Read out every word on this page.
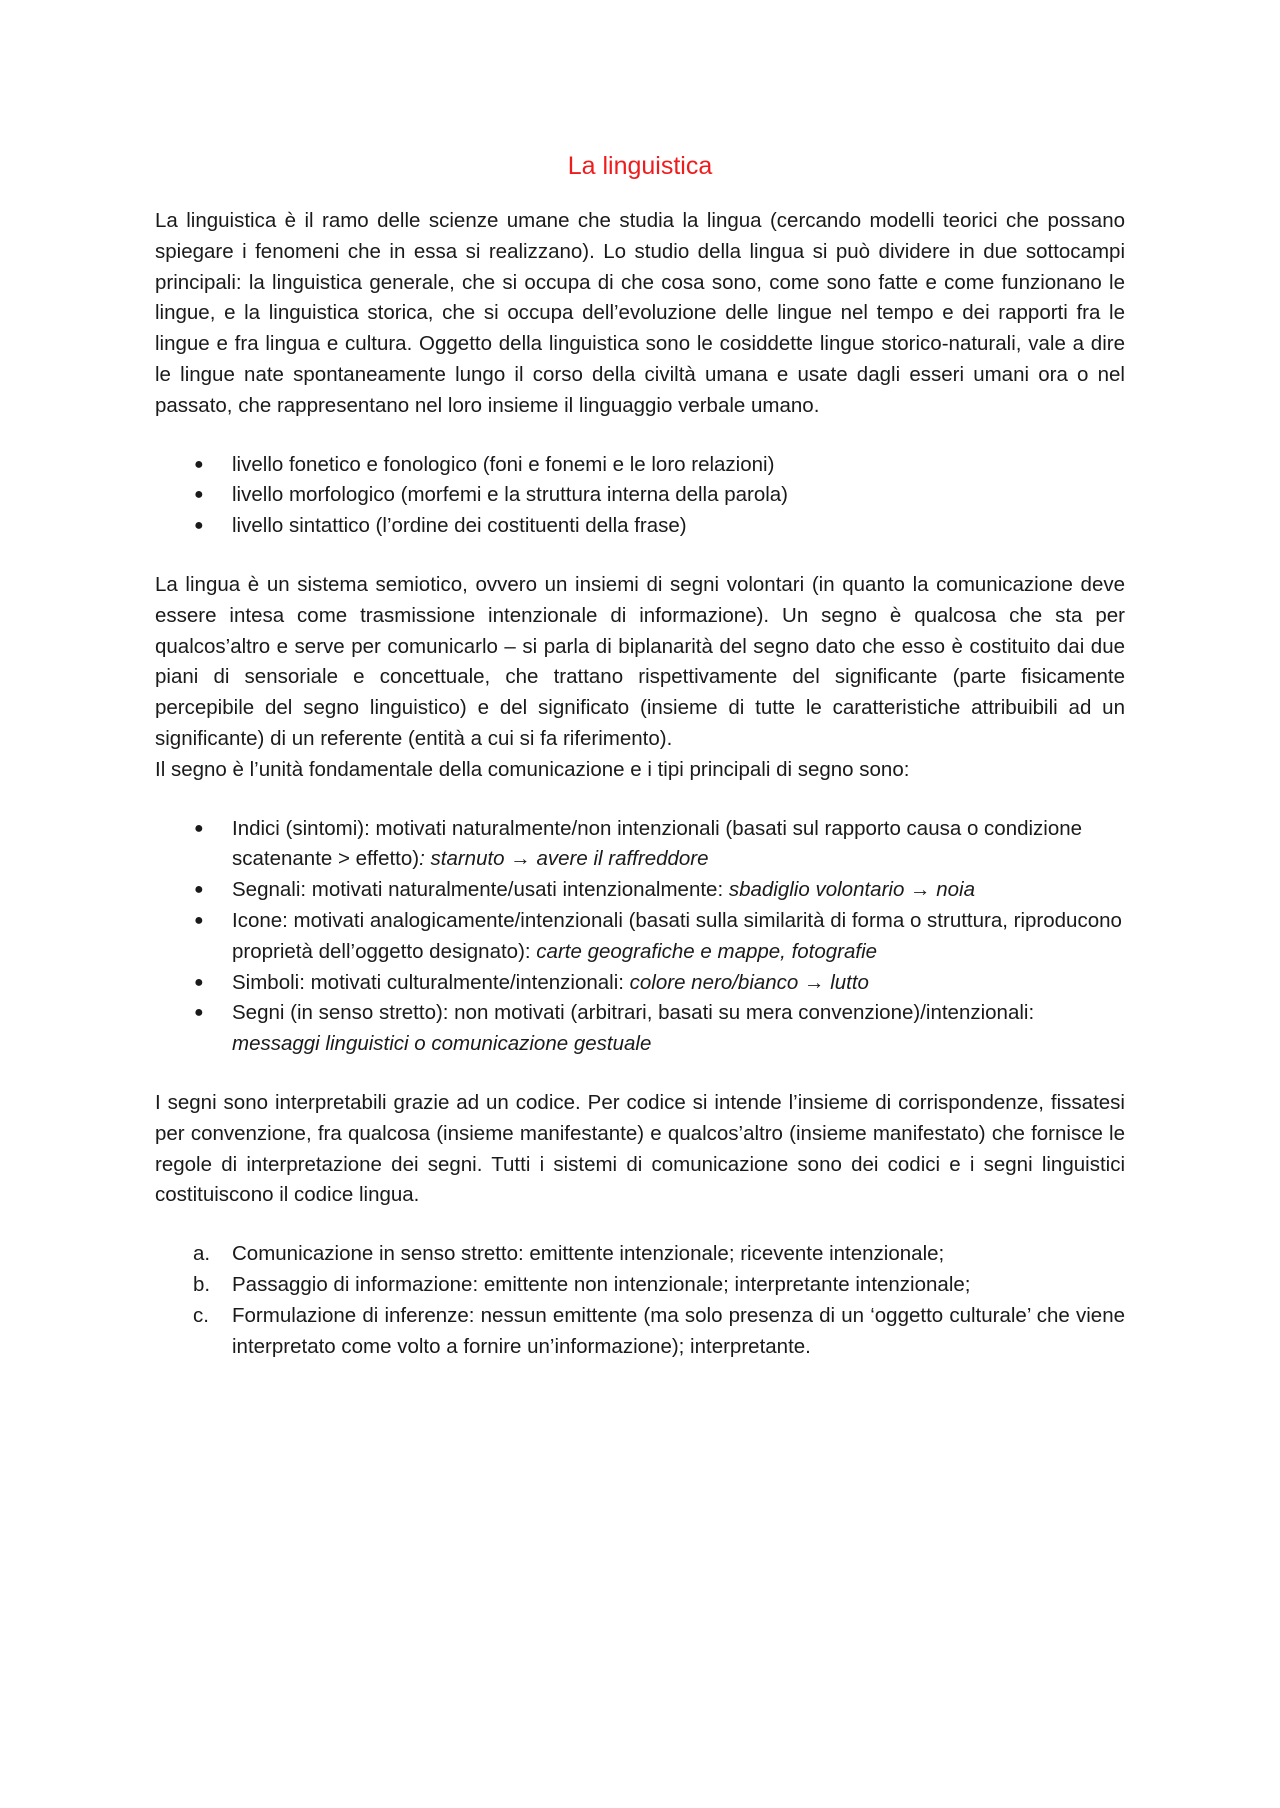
La linguistica

La linguistica è il ramo delle scienze umane che studia la lingua (cercando modelli teorici che possano spiegare i fenomeni che in essa si realizzano). Lo studio della lingua si può dividere in due sottocampi principali: la linguistica generale, che si occupa di che cosa sono, come sono fatte e come funzionano le lingue, e la linguistica storica, che si occupa dell’evoluzione delle lingue nel tempo e dei rapporti fra le lingue e fra lingua e cultura. Oggetto della linguistica sono le cosiddette lingue storico-naturali, vale a dire le lingue nate spontaneamente lungo il corso della civiltà umana e usate dagli esseri umani ora o nel passato, che rappresentano nel loro insieme il linguaggio verbale umano.

● livello fonetico e fonologico (foni e fonemi e le loro relazioni)
● livello morfologico (morfemi e la struttura interna della parola)
● livello sintattico (l’ordine dei costituenti della frase)

La lingua è un sistema semiotico, ovvero un insiemi di segni volontari (in quanto la comunicazione deve essere intesa come trasmissione intenzionale di informazione). Un segno è qualcosa che sta per qualcos’altro e serve per comunicarlo – si parla di biplanarità del segno dato che esso è costituito dai due piani di sensoriale e concettuale, che trattano rispettivamente del significante (parte fisicamente percepibile del segno linguistico) e del significato (insieme di tutte le caratteristiche attribuibili ad un significante) di un referente (entità a cui si fa riferimento).

Il segno è l’unità fondamentale della comunicazione e i tipi principali di segno sono:

● Indici (sintomi): motivati naturalmente/non intenzionali (basati sul rapporto causa o condizione scatenante > effetto): starnuto → avere il raffreddore
● Segnali: motivati naturalmente/usati intenzionalmente: sbadiglio volontario → noia
● Icone: motivati analogicamente/intenzionali (basati sulla similarità di forma o struttura, riproducono proprietà dell’oggetto designato): carte geografiche e mappe, fotografie
● Simboli: motivati culturalmente/intenzionali: colore nero/bianco → lutto
● Segni (in senso stretto): non motivati (arbitrari, basati su mera convenzione)/intenzionali: messaggi linguistici o comunicazione gestuale

I segni sono interpretabili grazie ad un codice. Per codice si intende l’insieme di corrispondenze, fissatesi per convenzione, fra qualcosa (insieme manifestante) e qualcos’altro (insieme manifestato) che fornisce le regole di interpretazione dei segni. Tutti i sistemi di comunicazione sono dei codici e i segni linguistici costituiscono il codice lingua.

a. Comunicazione in senso stretto: emittente intenzionale; ricevente intenzionale;
b. Passaggio di informazione: emittente non intenzionale; interpretante intenzionale;
c. Formulazione di inferenze: nessun emittente (ma solo presenza di un ‘oggetto culturale’ che viene interpretato come volto a fornire un’informazione); interpretante.
